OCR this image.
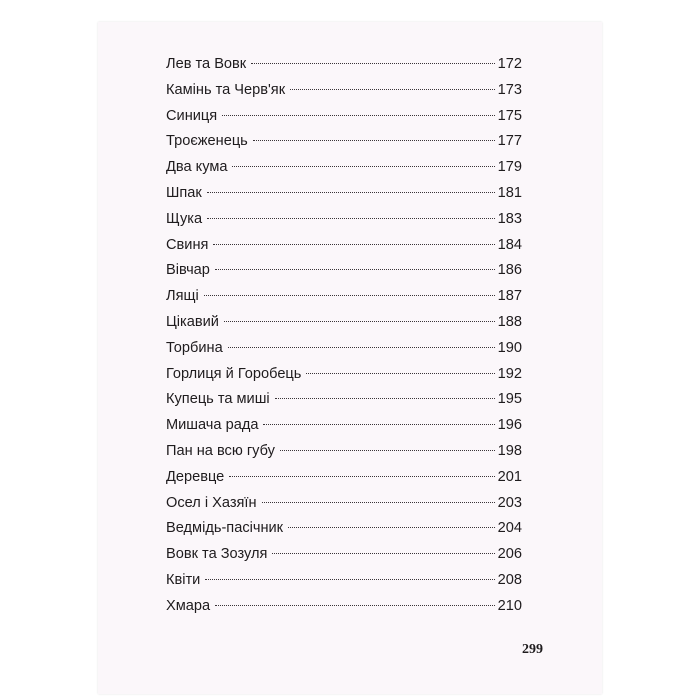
Лев та Вовк	172
Камінь та Черв'як	173
Синиця	175
Троєженець	177
Два кума	179
Шпак	181
Щука	183
Свиня	184
Вівчар	186
Лящі	187
Цікавий	188
Торбина	190
Горлиця й Горобець	192
Купець та миші	195
Мишача рада	196
Пан на всю губу	198
Деревце	201
Осел і Хазяїн	203
Ведмідь-пасічник	204
Вовк та Зозуля	206
Квіти	208
Хмара	210
299
